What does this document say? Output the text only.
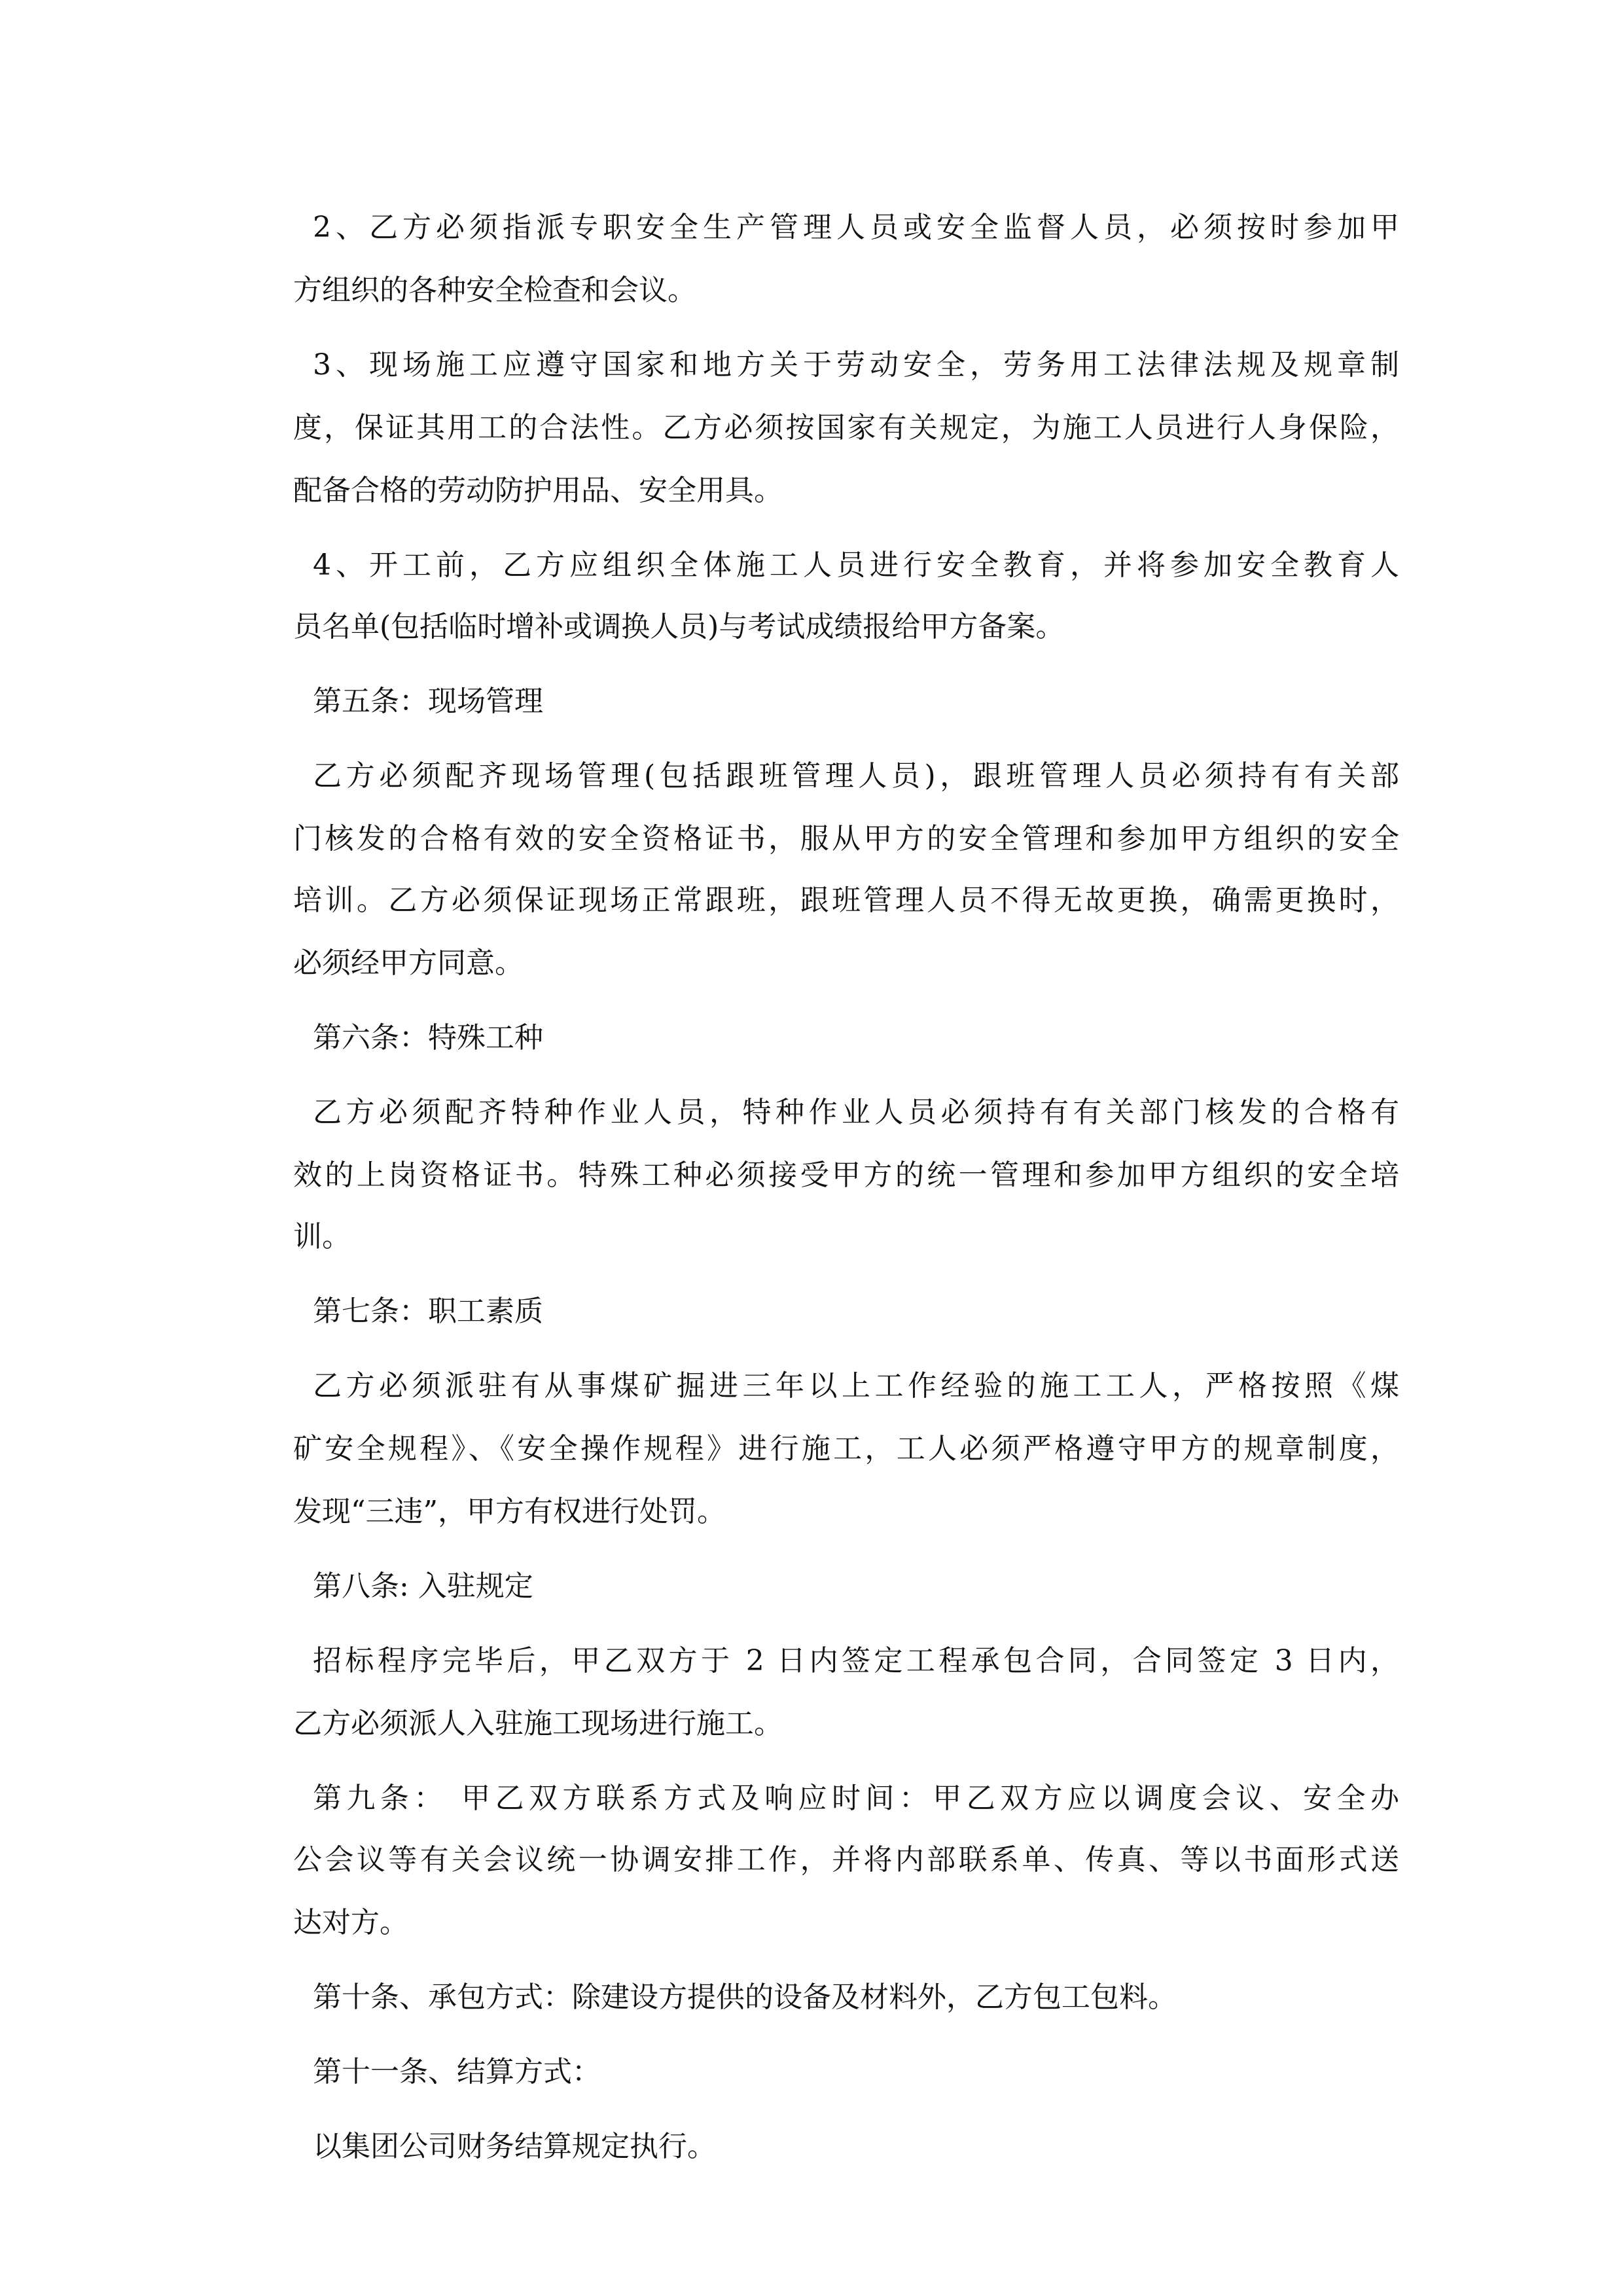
2、乙方必须指派专职安全生产管理人员或安全监督人员，必须按时参加甲
方组织的各种安全检查和会议。
3、现场施工应遵守国家和地方关于劳动安全，劳务用工法律法规及规章制
度，保证其用工的合法性。乙方必须按国家有关规定，为施工人员进行人身保险，
配备合格的劳动防护用品、安全用具。
4、开工前，乙方应组织全体施工人员进行安全教育，并将参加安全教育人
员名单(包括临时增补或调换人员)与考试成绩报给甲方备案。
第五条：现场管理
乙方必须配齐现场管理(包括跟班管理人员)，跟班管理人员必须持有有关部
门核发的合格有效的安全资格证书，服从甲方的安全管理和参加甲方组织的安全
培训。乙方必须保证现场正常跟班，跟班管理人员不得无故更换，确需更换时，
必须经甲方同意。
第六条：特殊工种
乙方必须配齐特种作业人员，特种作业人员必须持有有关部门核发的合格有
效的上岗资格证书。特殊工种必须接受甲方的统一管理和参加甲方组织的安全培
训。
第七条：职工素质
乙方必须派驻有从事煤矿掘进三年以上工作经验的施工工人，严格按照《煤
矿安全规程》、《安全操作规程》进行施工，工人必须严格遵守甲方的规章制度，
发现“三违”，甲方有权进行处罚。
第八条: 入驻规定
招标程序完毕后，甲乙双方于 2 日内签定工程承包合同，合同签定 3 日内，
乙方必须派人入驻施工现场进行施工。
第九条： 甲乙双方联系方式及响应时间：甲乙双方应以调度会议、安全办
公会议等有关会议统一协调安排工作，并将内部联系单、传真、等以书面形式送
达对方。
第十条、承包方式：除建设方提供的设备及材料外，乙方包工包料。
第十一条、结算方式：
以集团公司财务结算规定执行。
